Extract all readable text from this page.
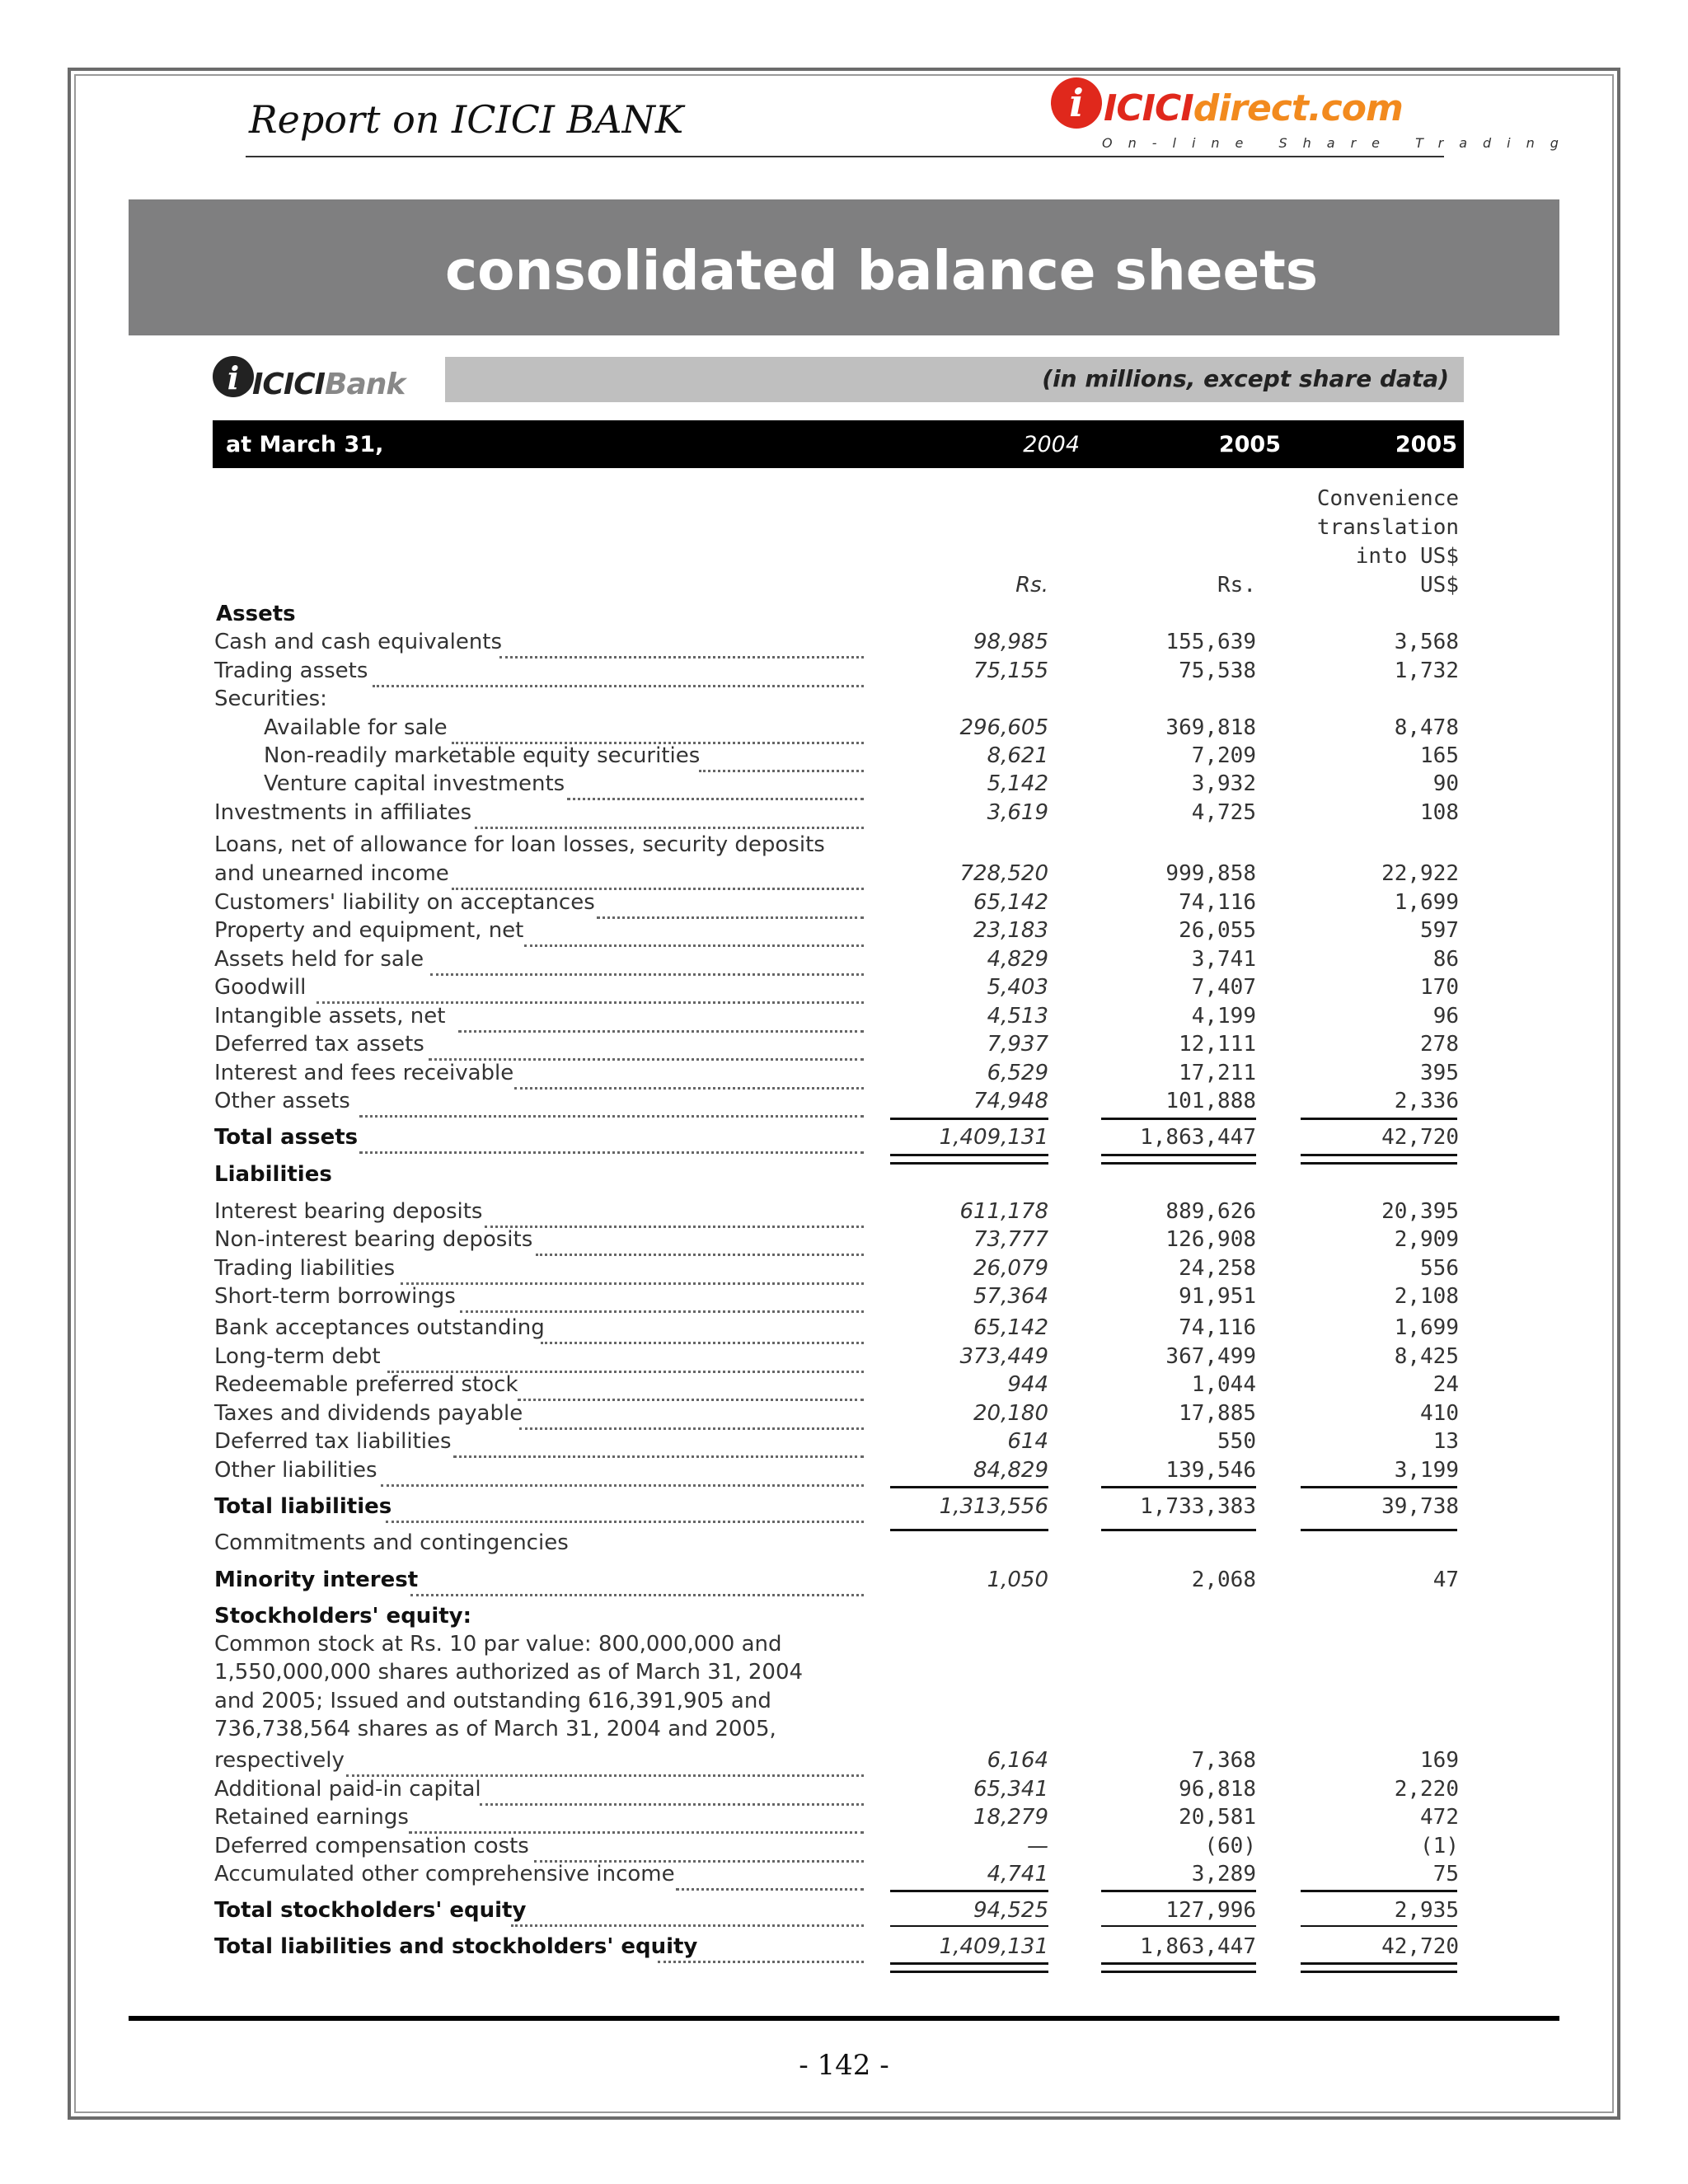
Report on ICICI BANK	i ICICIdirect.com
On-line Share Trading
consolidated balance sheets
i ICICIBank	(in millions, except share data)
at March 31,	2004	2005	2005
Convenience
translation
into US$
Rs.	Rs.	US$
Assets
Cash and cash equivalents	98,985	155,639	3,568
Trading assets	75,155	75,538	1,732
Securities:
Available for sale	296,605	369,818	8,478
Non-readily marketable equity securities	8,621	7,209	165
Venture capital investments	5,142	3,932	90
Investments in affiliates	3,619	4,725	108
Loans, net of allowance for loan losses, security deposits
and unearned income	728,520	999,858	22,922
Customers' liability on acceptances	65,142	74,116	1,699
Property and equipment, net	23,183	26,055	597
Assets held for sale	4,829	3,741	86
Goodwill	5,403	7,407	170
Intangible assets, net	4,513	4,199	96
Deferred tax assets	7,937	12,111	278
Interest and fees receivable	6,529	17,211	395
Other assets	74,948	101,888	2,336
Total assets	1,409,131	1,863,447	42,720
Liabilities
Interest bearing deposits	611,178	889,626	20,395
Non-interest bearing deposits	73,777	126,908	2,909
Trading liabilities	26,079	24,258	556
Short-term borrowings	57,364	91,951	2,108
Bank acceptances outstanding	65,142	74,116	1,699
Long-term debt	373,449	367,499	8,425
Redeemable preferred stock	944	1,044	24
Taxes and dividends payable	20,180	17,885	410
Deferred tax liabilities	614	550	13
Other liabilities	84,829	139,546	3,199
Total liabilities	1,313,556	1,733,383	39,738
Commitments and contingencies
Minority interest	1,050	2,068	47
Stockholders' equity:
Common stock at Rs. 10 par value: 800,000,000 and
1,550,000,000 shares authorized as of March 31, 2004
and 2005; Issued and outstanding 616,391,905 and
736,738,564 shares as of March 31, 2004 and 2005,
respectively	6,164	7,368	169
Additional paid-in capital	65,341	96,818	2,220
Retained earnings	18,279	20,581	472
Deferred compensation costs	—	(60)	(1)
Accumulated other comprehensive income	4,741	3,289	75
Total stockholders' equity	94,525	127,996	2,935
Total liabilities and stockholders' equity	1,409,131	1,863,447	42,720
- 142 -
